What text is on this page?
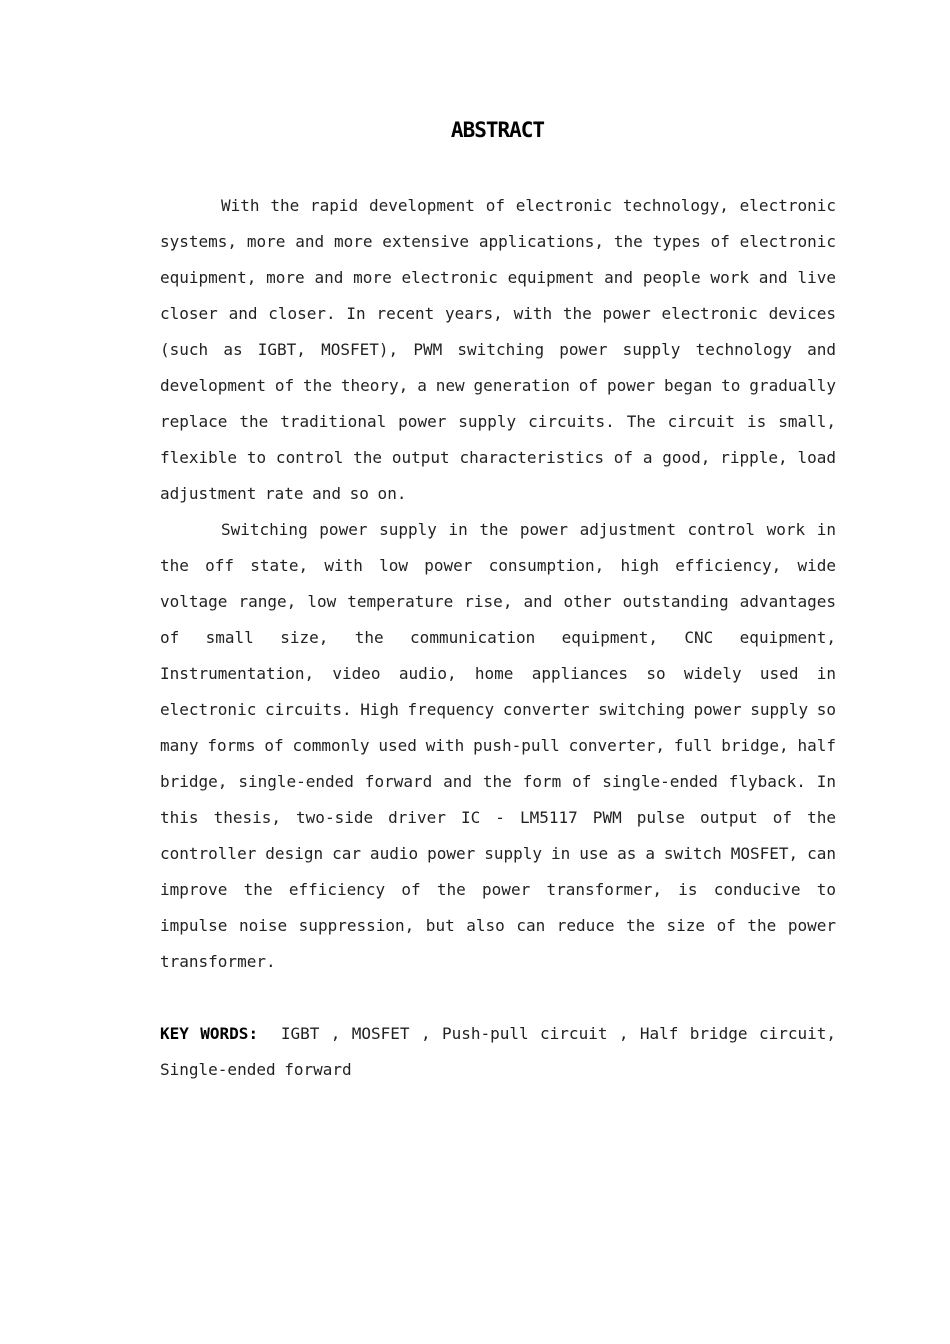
ABSTRACT

With the rapid development of electronic technology, electronic systems, more and more extensive applications, the types of electronic equipment, more and more electronic equipment and people work and live closer and closer. In recent years, with the power electronic devices (such as IGBT, MOSFET), PWM switching power supply technology and development of the theory, a new generation of power began to gradually replace the traditional power supply circuits. The circuit is small, flexible to control the output characteristics of a good, ripple, load adjustment rate and so on.

Switching power supply in the power adjustment control work in the off state, with low power consumption, high efficiency, wide voltage range, low temperature rise, and other outstanding advantages of small size, the communication equipment, CNC equipment, Instrumentation, video audio, home appliances so widely used in electronic circuits. High frequency converter switching power supply so many forms of commonly used with push-pull converter, full bridge, half bridge, single-ended forward and the form of single-ended flyback. In this thesis, two-side driver IC - LM5117 PWM pulse output of the controller design car audio power supply in use as a switch MOSFET, can improve the efficiency of the power transformer, is conducive to impulse noise suppression, but also can reduce the size of the power transformer.

KEY WORDS: IGBT , MOSFET , Push-pull circuit , Half bridge circuit, Single-ended forward
